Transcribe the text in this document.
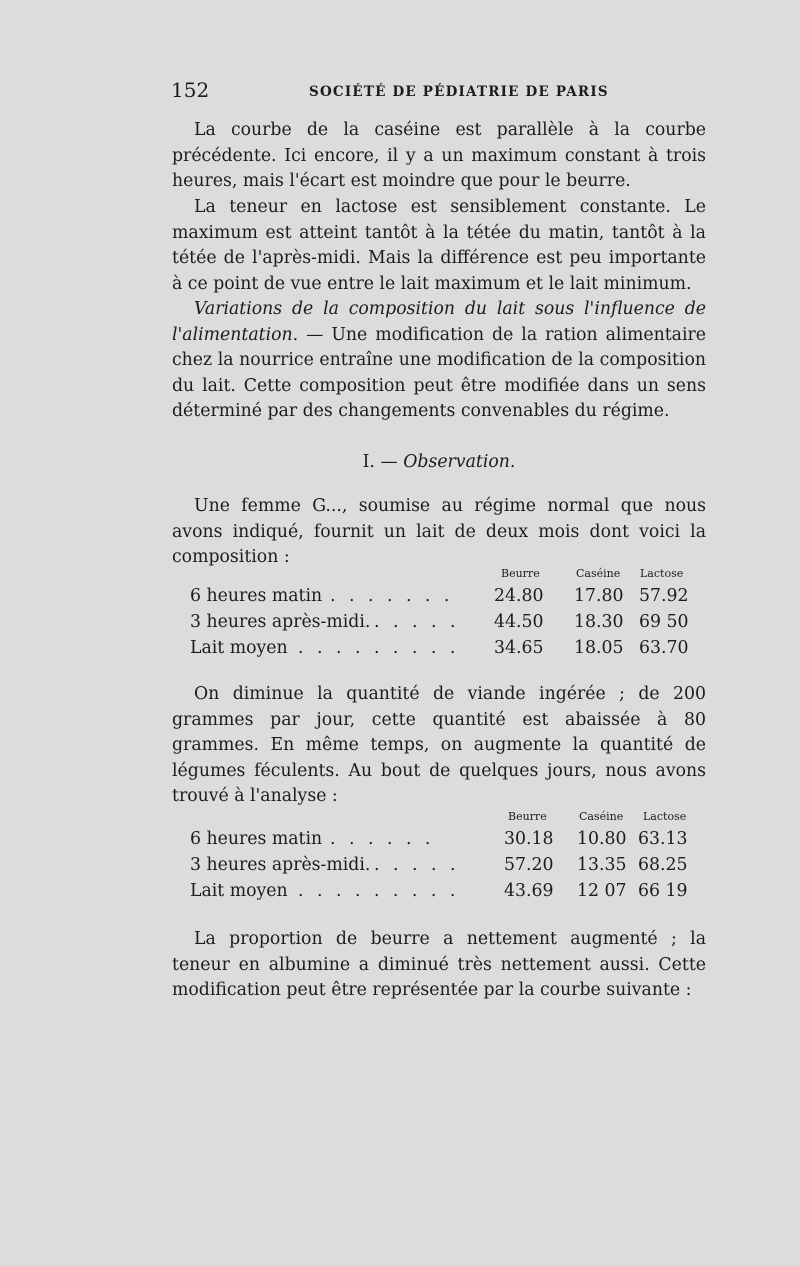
152	SOCIÉTÉ DE PÉDIATRIE DE PARIS

La courbe de la caséine est parallèle à la courbe précédente. Ici encore, il y a un maximum constant à trois heures, mais l'écart est moindre que pour le beurre.

La teneur en lactose est sensiblement constante. Le maximum est atteint tantôt à la tétée du matin, tantôt à la tétée de l'après-midi. Mais la différence est peu importante à ce point de vue entre le lait maximum et le lait minimum.

Variations de la composition du lait sous l'influence de l'alimentation. — Une modification de la ration alimentaire chez la nourrice entraîne une modification de la composition du lait. Cette composition peut être modifiée dans un sens déterminé par des changements convenables du régime.

I. — Observation.

Une femme G..., soumise au régime normal que nous avons indiqué, fournit un lait de deux mois dont voici la composition :

Beurre	Caséine Lactose
6 heures matin . . . . . . . 24.80 17.80 57.92
3 heures après-midi. . . . . . 44.50 18.30 69 50
Lait moyen . . . . . . . . . 34.65 18.05 63.70

On diminue la quantité de viande ingérée ; de 200 grammes par jour, cette quantité est abaissée à 80 grammes. En même temps, on augmente la quantité de légumes féculents. Au bout de quelques jours, nous avons trouvé à l'analyse :

Beurre	Caséine Lactose
6 heures matin . . . . . .	30.18 10.80 63.13
3 heures après-midi. . . . . .	57.20 13.35 68.25
Lait moyen . . . . . . . . .	43.69 12 07 66 19

La proportion de beurre a nettement augmenté ; la teneur en albumine a diminué très nettement aussi. Cette modification peut être représentée par la courbe suivante :
